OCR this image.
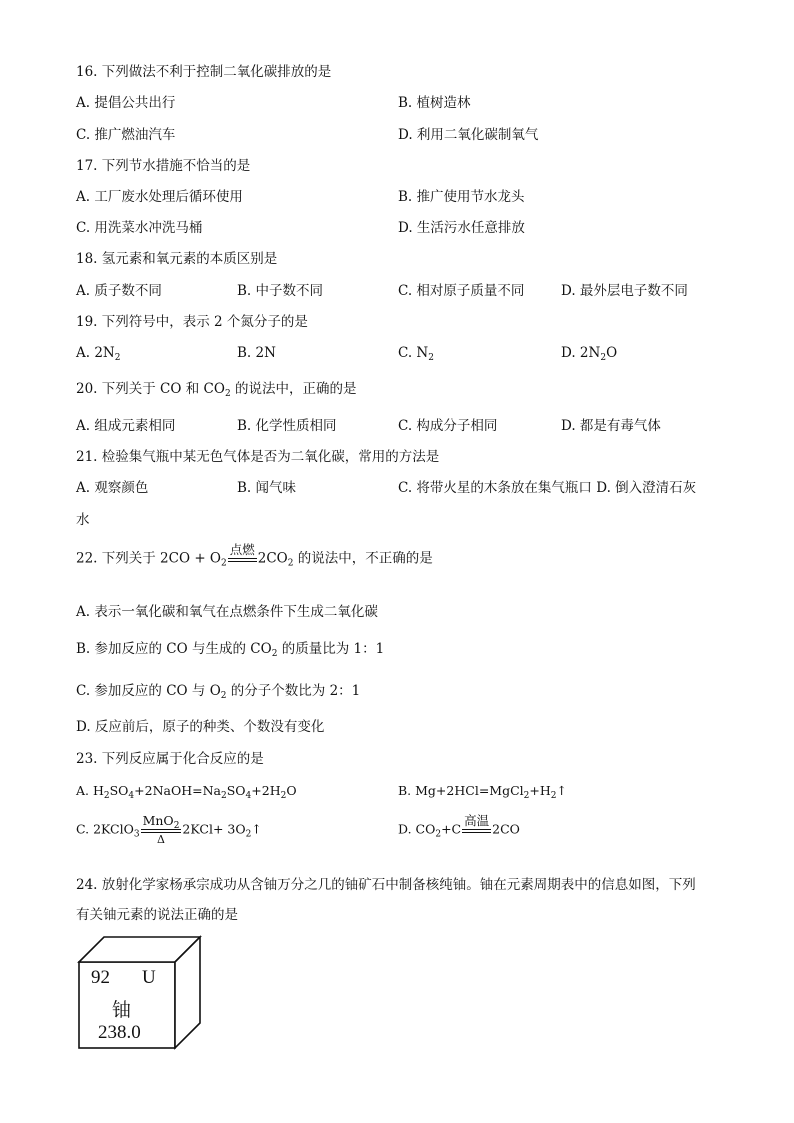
16. 下列做法不利于控制二氧化碳排放的是
A. 提倡公共出行	B. 植树造林
C. 推广燃油汽车	D. 利用二氧化碳制氧气
17. 下列节水措施不恰当的是
A. 工厂废水处理后循环使用	B. 推广使用节水龙头
C. 用洗菜水冲洗马桶	D. 生活污水任意排放
18. 氢元素和氧元素的本质区别是
A. 质子数不同	B. 中子数不同	C. 相对原子质量不同	D. 最外层电子数不同
19. 下列符号中，表示 2 个氮分子的是
A. $2N_2$	B. 2N	C. $N_2$	D. $2N_2O$
20. 下列关于 CO 和 $CO_2$ 的说法中，正确的是
A. 组成元素相同	B. 化学性质相同	C. 构成分子相同	D. 都是有毒气体
21. 检验集气瓶中某无色气体是否为二氧化碳，常用的方法是
A. 观察颜色	B. 闻气味	C. 将带火星的木条放在集气瓶口 D. 倒入澄清石灰
水
22. 下列关于 $2CO + O_2$
点燃

$2CO_2$ 的说法中，不正确的是
A. 表示一氧化碳和氧气在点燃条件下生成二氧化碳
B. 参加反应的 CO 与生成的 $CO_2$ 的质量比为 1：1
C. 参加反应的 CO 与 $O_2$ 的分子个数比为 2：1
D. 反应前后，原子的种类、个数没有变化
23. 下列反应属于化合反应的是
A. $H_2SO_4+2NaOH=Na_2SO_4+2H_2O$	B. $Mg+2HCl=MgCl_2+H_2↑$
C. 2KClO$_3$
MnO$_2$
Δ
$2KCl+ 3O_2↑$	D. $CO_2+C$
高温

2CO
24. 放射化学家杨承宗成功从含铀万分之几的铀矿石中制备核纯铀。铀在元素周期表中的信息如图，下列
有关铀元素的说法正确的是
92 U
铀
238.0
